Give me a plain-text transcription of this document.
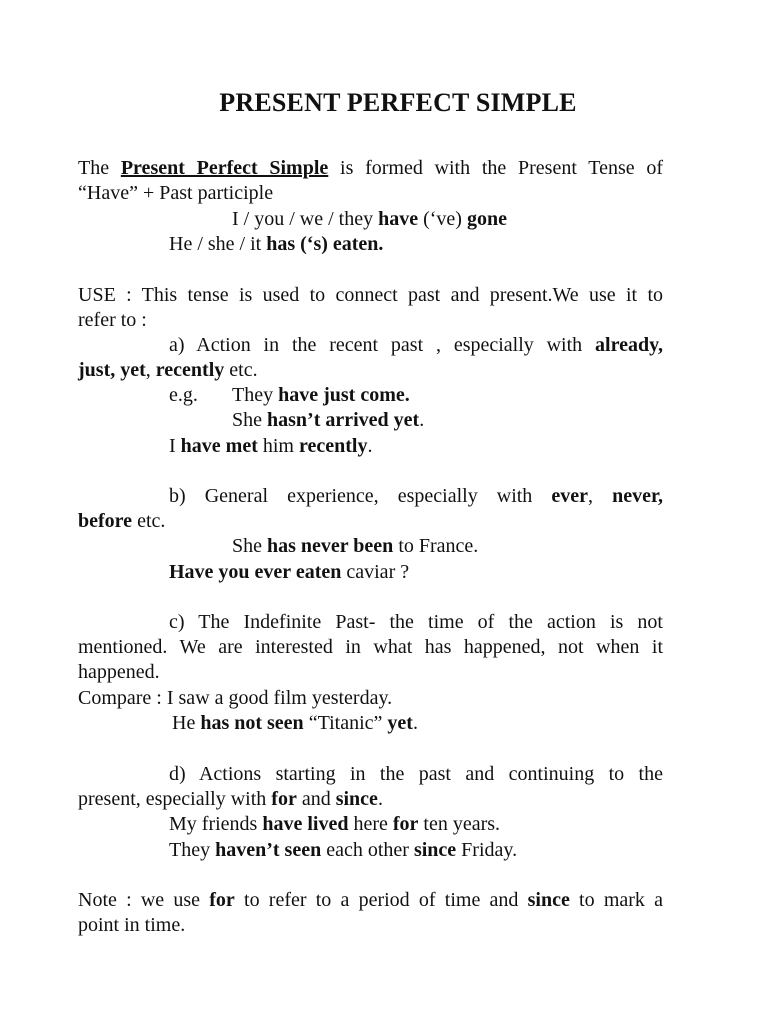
PRESENT PERFECT SIMPLE
The Present Perfect Simple is formed with the Present Tense of
“Have” + Past participle
I / you / we / they have (‘ve) gone
He / she / it has (‘s) eaten.
USE : This tense is used to connect past and present.We use it to
refer to :
a) Action in the recent past , especially with already,
just, yet, recently etc.
e.g. They have just come.
She hasn’t arrived yet.
I have met him recently.
b) General experience, especially with ever, never,
before etc.
She has never been to France.
Have you ever eaten caviar ?
c) The Indefinite Past- the time of the action is not
mentioned. We are interested in what has happened, not when it
happened.
Compare : I saw a good film yesterday.
He has not seen “Titanic” yet.
d) Actions starting in the past and continuing to the
present, especially with for and since.
My friends have lived here for ten years.
They haven’t seen each other since Friday.
Note : we use for to refer to a period of time and since to mark a
point in time.
